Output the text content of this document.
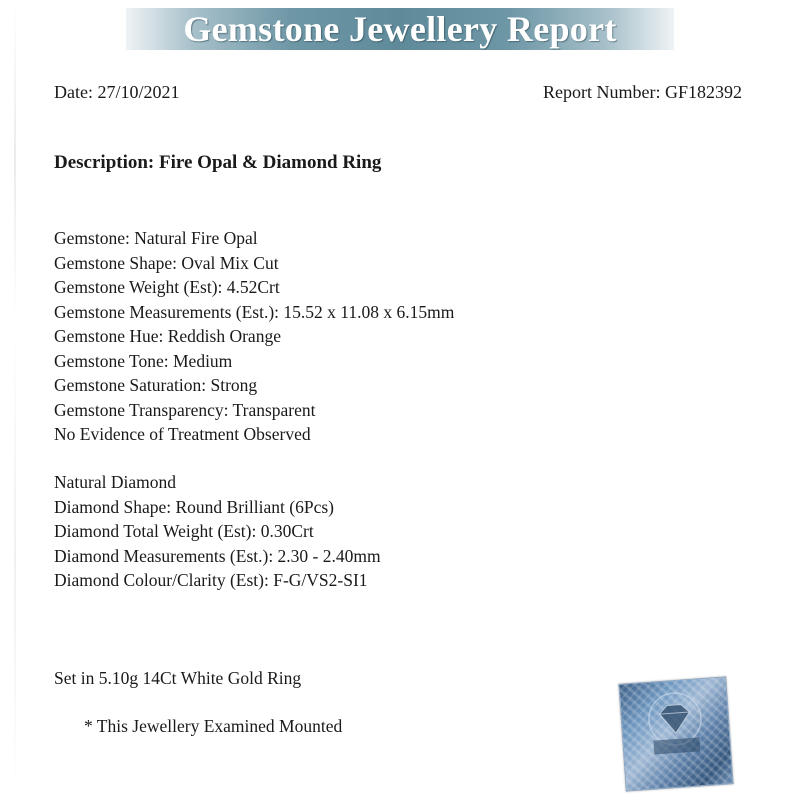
Gemstone Jewellery Report
Date: 27/10/2021	Report Number: GF182392
Description: Fire Opal & Diamond Ring
Gemstone: Natural Fire Opal
Gemstone Shape: Oval Mix Cut
Gemstone Weight (Est): 4.52Crt
Gemstone Measurements (Est.): 15.52 x 11.08 x 6.15mm
Gemstone Hue: Reddish Orange
Gemstone Tone: Medium
Gemstone Saturation: Strong
Gemstone Transparency: Transparent
No Evidence of Treatment Observed
Natural Diamond
Diamond Shape: Round Brilliant (6Pcs)
Diamond Total Weight (Est): 0.30Crt
Diamond Measurements (Est.): 2.30 - 2.40mm
Diamond Colour/Clarity (Est): F-G/VS2-SI1
Set in 5.10g 14Ct White Gold Ring
* This Jewellery Examined Mounted
